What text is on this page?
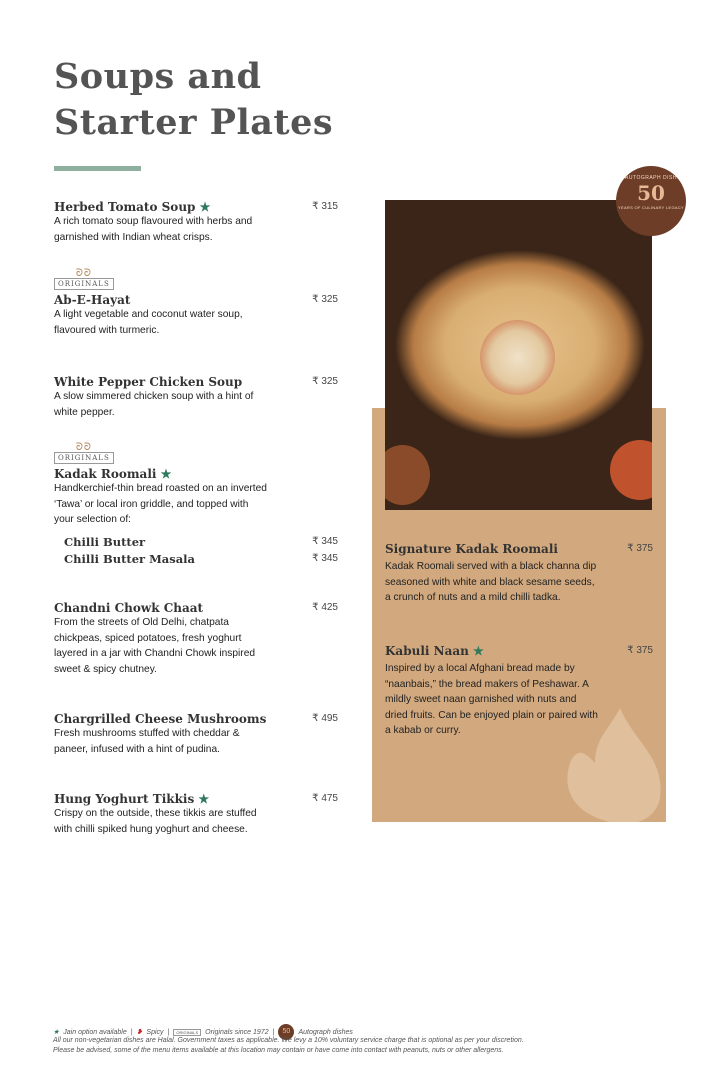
Soups and
Starter Plates
Herbed Tomato Soup ★	₹ 315
A rich tomato soup flavoured with herbs and garnished with Indian wheat crisps.
ᘐᘐ
ORIGINALS
Ab-E-Hayat	₹ 325
A light vegetable and coconut water soup, flavoured with turmeric.
White Pepper Chicken Soup	₹ 325
A slow simmered chicken soup with a hint of white pepper.
ᘐᘐ
ORIGINALS
Kadak Roomali ★
Handkerchief-thin bread roasted on an inverted ‘Tawa’ or local iron griddle, and topped with your selection of:
Chilli Butter	₹ 345
Chilli Butter Masala	₹ 345
Chandni Chowk Chaat	₹ 425
From the streets of Old Delhi, chatpata chickpeas, spiced potatoes, fresh yoghurt layered in a jar with Chandni Chowk inspired sweet & spicy chutney.
Chargrilled Cheese Mushrooms	₹ 495
Fresh mushrooms stuffed with cheddar & paneer, infused with a hint of pudina.
Hung Yoghurt Tikkis ★	₹ 475
Crispy on the outside, these tikkis are stuffed with chilli spiked hung yoghurt and cheese.
AUTOGRAPH DISH
50
YEARS OF CULINARY LEGACY
Signature Kadak Roomali	₹ 375
Kadak Roomali served with a black channa dip seasoned with white and black sesame seeds, a crunch of nuts and a mild chilli tadka.
Kabuli Naan ★	₹ 375
Inspired by a local Afghani bread made by “naanbais,” the bread makers of Peshawar. A mildly sweet naan garnished with nuts and dried fruits. Can be enjoyed plain or paired with a kabab or curry.
★ Jain option available | ❥ Spicy |	ORIGINALS	Originals since 1972 |	50	Autograph dishes
All our non-vegetarian dishes are Halal. Government taxes as applicable. We levy a 10% voluntary service charge that is optional as per your discretion.
Please be advised, some of the menu items available at this location may contain or have come into contact with peanuts, nuts or other allergens.
